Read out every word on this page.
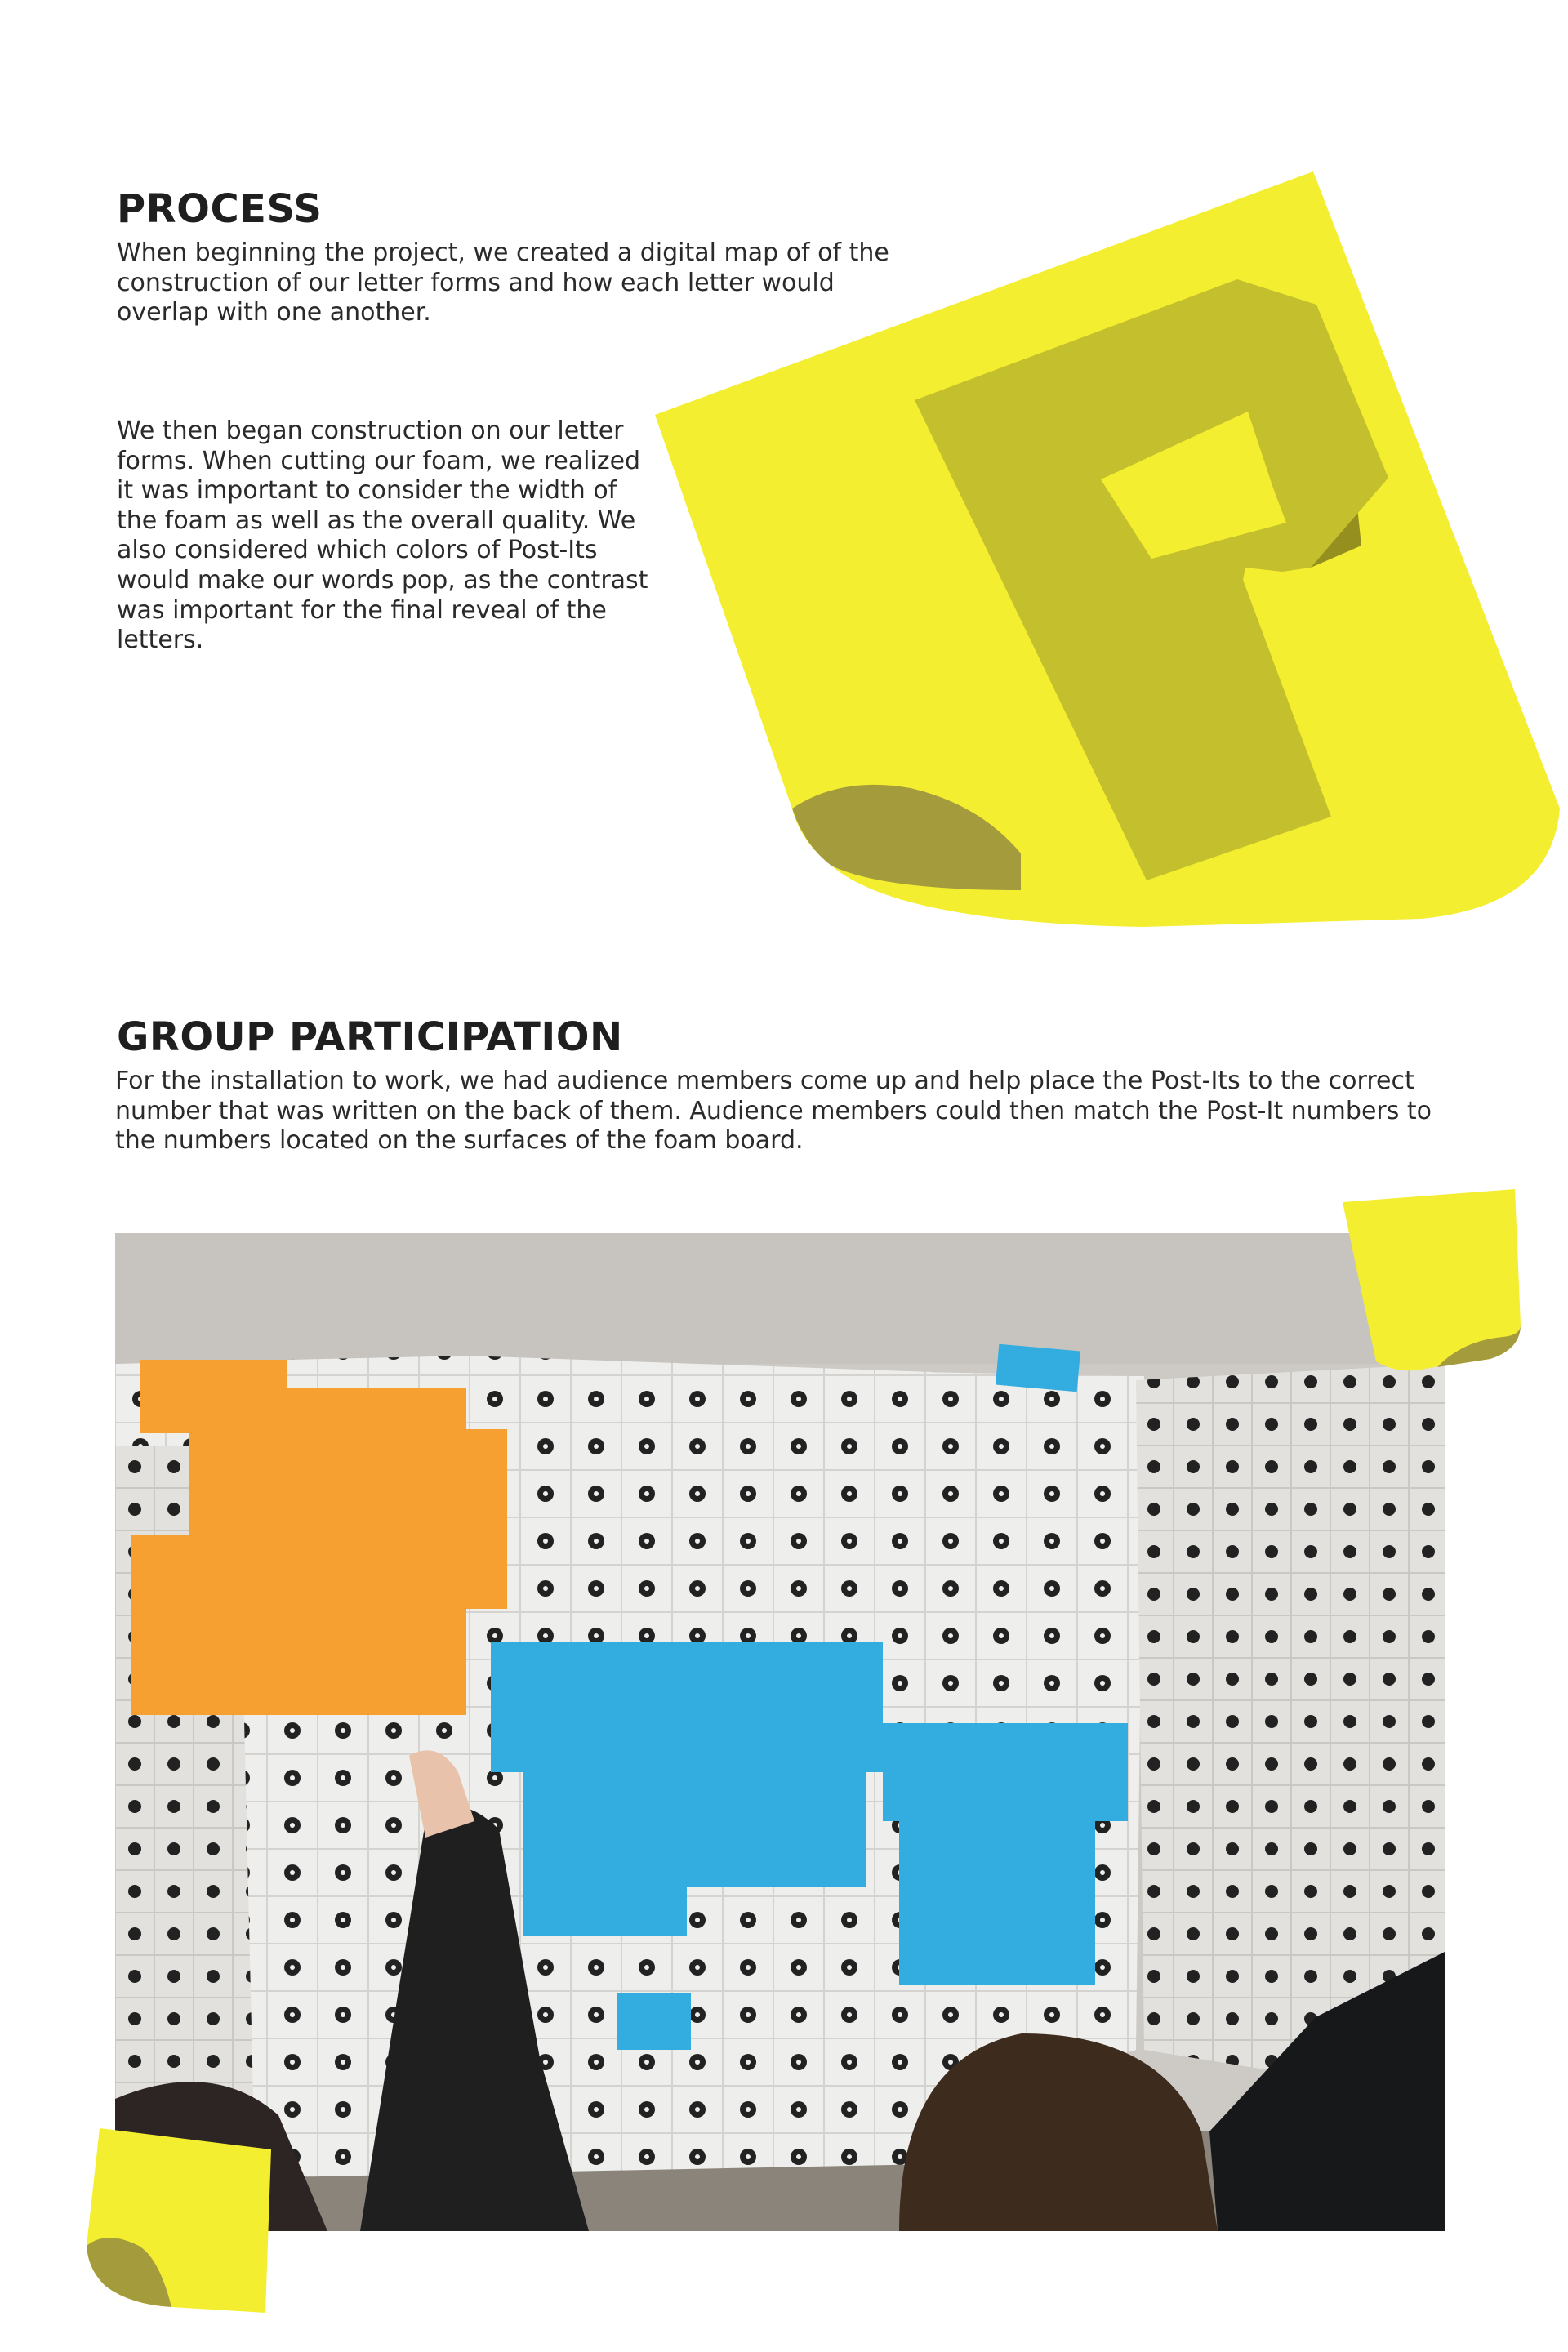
PROCESS

When beginning the project, we created a digital map of of the construction of our letter forms and how each letter would overlap with one another.

We then began construction on our letter forms. When cutting our foam, we realized it was important to consider the width of the foam as well as the overall quality. We also considered which colors of Post-Its would make our words pop, as the contrast was important for the final reveal of the letters.

GROUP PARTICIPATION

For the installation to work, we had audience members come up and help place the Post-Its to the correct number that was written on the back of them. Audience members could then match the Post-It numbers to the numbers located on the surfaces of the foam board.
